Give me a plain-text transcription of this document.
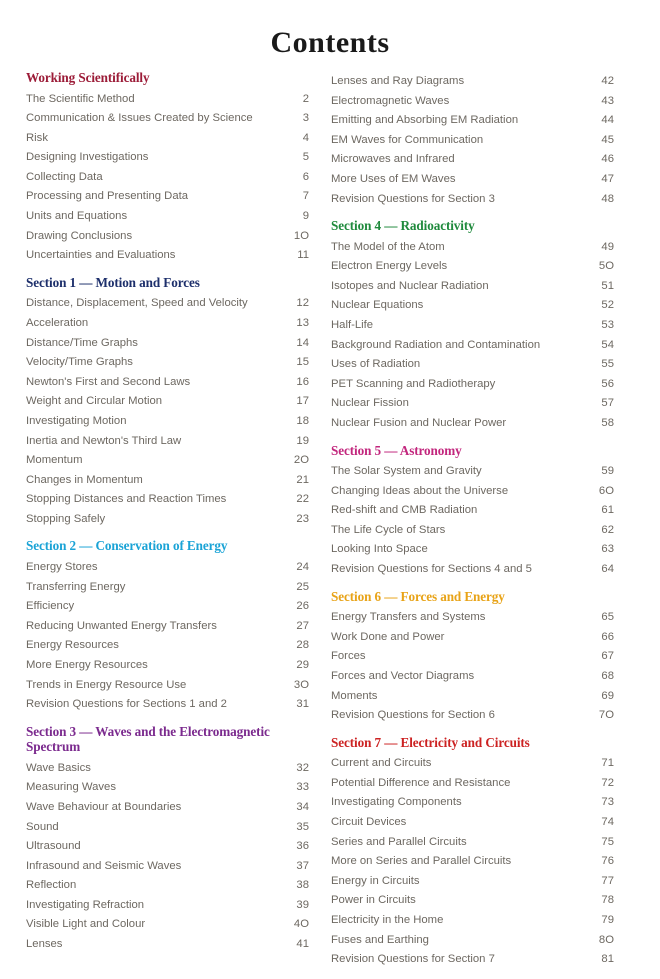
Contents
Working Scientifically
The Scientific Method .....	2
Communication & Issues Created by Science .....	3
Risk .....	4
Designing Investigations .....	5
Collecting Data .....	6
Processing and Presenting Data .....	7
Units and Equations .....	9
Drawing Conclusions .....	1O
Uncertainties and Evaluations .....	11
Section 1 — Motion and Forces
Distance, Displacement, Speed and Velocity .....	12
Acceleration .....	13
Distance/Time Graphs .....	14
Velocity/Time Graphs .....	15
Newton's First and Second Laws .....	16
Weight and Circular Motion .....	17
Investigating Motion .....	18
Inertia and Newton's Third Law .....	19
Momentum .....	2O
Changes in Momentum .....	21
Stopping Distances and Reaction Times .....	22
Stopping Safely .....	23
Section 2 — Conservation of Energy
Energy Stores .....	24
Transferring Energy .....	25
Efficiency .....	26
Reducing Unwanted Energy Transfers .....	27
Energy Resources .....	28
More Energy Resources .....	29
Trends in Energy Resource Use .....	3O
Revision Questions for Sections 1 and 2 .....	31
Section 3 — Waves and the Electromagnetic Spectrum
Wave Basics .....	32
Measuring Waves .....	33
Wave Behaviour at Boundaries .....	34
Sound .....	35
Ultrasound .....	36
Infrasound and Seismic Waves .....	37
Reflection .....	38
Investigating Refraction .....	39
Visible Light and Colour .....	4O
Lenses .....	41
Lenses and Ray Diagrams .....	42
Electromagnetic Waves .....	43
Emitting and Absorbing EM Radiation .....	44
EM Waves for Communication .....	45
Microwaves and Infrared .....	46
More Uses of EM Waves .....	47
Revision Questions for Section 3 .....	48
Section 4 — Radioactivity
The Model of the Atom .....	49
Electron Energy Levels .....	5O
Isotopes and Nuclear Radiation .....	51
Nuclear Equations .....	52
Half-Life .....	53
Background Radiation and Contamination .....	54
Uses of Radiation .....	55
PET Scanning and Radiotherapy .....	56
Nuclear Fission .....	57
Nuclear Fusion and Nuclear Power .....	58
Section 5 — Astronomy
The Solar System and Gravity .....	59
Changing Ideas about the Universe .....	6O
Red-shift and CMB Radiation .....	61
The Life Cycle of Stars .....	62
Looking Into Space .....	63
Revision Questions for Sections 4 and 5 .....	64
Section 6 — Forces and Energy
Energy Transfers and Systems .....	65
Work Done and Power .....	66
Forces .....	67
Forces and Vector Diagrams .....	68
Moments .....	69
Revision Questions for Section 6 .....	7O
Section 7 — Electricity and Circuits
Current and Circuits .....	71
Potential Difference and Resistance .....	72
Investigating Components .....	73
Circuit Devices .....	74
Series and Parallel Circuits .....	75
More on Series and Parallel Circuits .....	76
Energy in Circuits .....	77
Power in Circuits .....	78
Electricity in the Home .....	79
Fuses and Earthing .....	8O
Revision Questions for Section 7 .....	81
